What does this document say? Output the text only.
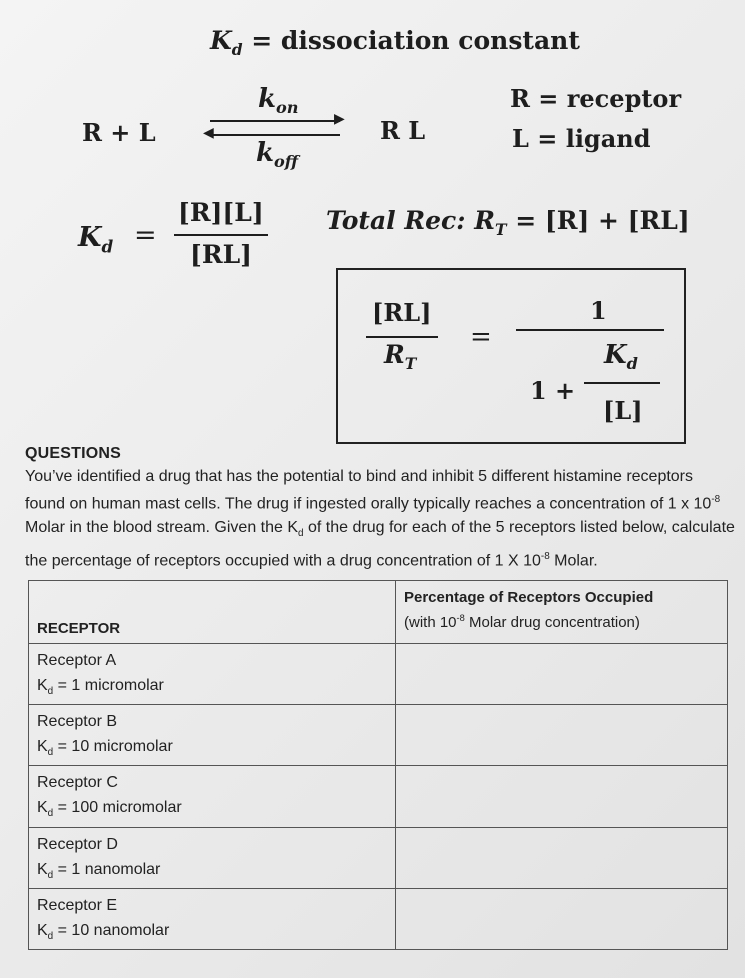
$K_d$ = dissociation constant
R + L
$k_{on}$
▶
◀
$k_{off}$
R L
R = receptor
L = ligand
$K_d$ =
[R][L]
[RL]
Total Rec: $R_T = [R] + [RL]$
[RL]
$R_T$
=
1
1 +
$K_d$
[L]
QUESTIONS
You’ve identified a drug that has the potential to bind and inhibit 5 different histamine receptors found on human mast cells. The drug if ingested orally typically reaches a concentration of 1 x $10^{-8}$ Molar in the blood stream. Given the $K_d$ of the drug for each of the 5 receptors listed below, calculate the percentage of receptors occupied with a drug concentration of 1 X $10^{-8}$ Molar.
RECEPTOR	Percentage of Receptors Occupied
(with $10^{-8}$ Molar drug concentration)

Receptor A
$K_d = 1$ micromolar	

Receptor B
$K_d = 10$ micromolar	

Receptor C
$K_d = 100$ micromolar	

Receptor D
$K_d = 1$ nanomolar	

Receptor E
$K_d = 10$ nanomolar	
